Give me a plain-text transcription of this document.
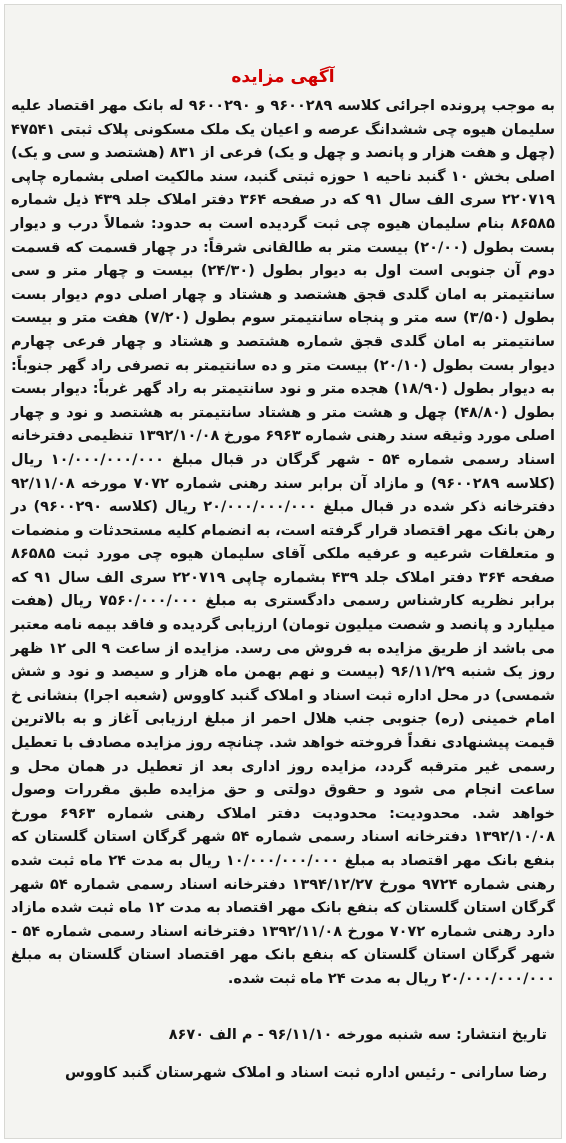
آگهی مزایده
به موجب پرونده اجرائی کلاسه ۹۶۰۰۲۸۹ و ۹۶۰۰۲۹۰ له بانک مهر اقتصاد علیه سلیمان هیوه چی ششدانگ عرصه و اعیان یک ملک مسکونی پلاک ثبتی ۴۷۵۴۱ (چهل و هفت هزار و پانصد و چهل و یک) فرعی از ۸۳۱ (هشتصد و سی و یک) اصلی بخش ۱۰ گنبد ناحیه ۱ حوزه ثبتی گنبد، سند مالکیت اصلی بشماره چاپی ۲۲۰۷۱۹ سری الف سال ۹۱ که در صفحه ۳۶۴ دفتر املاک جلد ۴۳۹ ذیل شماره ۸۶۵۸۵ بنام سلیمان هیوه چی ثبت گردیده است به حدود: شمالاً درب و دیوار بست بطول (۲۰/۰۰) بیست متر به طالقانی شرقاً: در چهار قسمت که قسمت دوم آن جنوبی است اول به دیوار بطول (۲۴/۳۰) بیست و چهار متر و سی سانتیمتر به امان گلدی قجق هشتصد و هشتاد و چهار اصلی دوم دیوار بست بطول (۳/۵۰) سه متر و پنجاه سانتیمتر سوم بطول (۷/۲۰) هفت متر و بیست سانتیمتر به امان گلدی قجق شماره هشتصد و هشتاد و چهار فرعی چهارم دیوار بست بطول (۲۰/۱۰) بیست متر و ده سانتیمتر به تصرفی راد گهر جنوباً: به دیوار بطول (۱۸/۹۰) هجده متر و نود سانتیمتر به راد گهر غرباً: دیوار بست بطول (۴۸/۸۰) چهل و هشت متر و هشتاد سانتیمتر به هشتصد و نود و چهار اصلی مورد وثیقه سند رهنی شماره ۶۹۶۳ مورخ ۱۳۹۲/۱۰/۰۸ تنظیمی دفترخانه اسناد رسمی شماره ۵۴ - شهر گرگان در قبال مبلغ ۱۰/۰۰۰/۰۰۰/۰۰۰ ریال (کلاسه ۹۶۰۰۲۸۹) و مازاد آن برابر سند رهنی شماره ۷۰۷۲ مورخه ۹۲/۱۱/۰۸ دفترخانه ذکر شده در قبال مبلغ ۲۰/۰۰۰/۰۰۰/۰۰۰ ریال (کلاسه ۹۶۰۰۲۹۰) در رهن بانک مهر اقتصاد قرار گرفته است، به انضمام کلیه مستحدثات و منضمات و متعلقات شرعیه و عرفیه ملکی آقای سلیمان هیوه چی مورد ثبت ۸۶۵۸۵ صفحه ۳۶۴ دفتر املاک جلد ۴۳۹ بشماره چاپی ۲۲۰۷۱۹ سری الف سال ۹۱ که برابر نظریه کارشناس رسمی دادگستری به مبلغ ۷۵۶۰/۰۰۰/۰۰۰ ریال (هفت میلیارد و پانصد و شصت میلیون تومان) ارزیابی گردیده و فاقد بیمه نامه معتبر می باشد از طریق مزایده به فروش می رسد. مزایده از ساعت ۹ الی ۱۲ ظهر روز یک شنبه ۹۶/۱۱/۲۹ (بیست و نهم بهمن ماه هزار و سیصد و نود و شش شمسی) در محل اداره ثبت اسناد و املاک گنبد کاووس (شعبه اجرا) بنشانی خ امام خمینی (ره) جنوبی جنب هلال احمر از مبلغ ارزیابی آغاز و به بالاترین قیمت پیشنهادی نقداً فروخته خواهد شد. چنانچه روز مزایده مصادف با تعطیل رسمی غیر مترقبه گردد، مزایده روز اداری بعد از تعطیل در همان محل و ساعت انجام می شود و حقوق دولتی و حق مزایده طبق مقررات وصول خواهد شد. محدودیت: محدودیت دفتر املاک رهنی شماره ۶۹۶۳ مورخ ۱۳۹۲/۱۰/۰۸ دفترخانه اسناد رسمی شماره ۵۴ شهر گرگان استان گلستان که بنفع بانک مهر اقتصاد به مبلغ ۱۰/۰۰۰/۰۰۰/۰۰۰ ریال به مدت ۲۴ ماه ثبت شده رهنی شماره ۹۷۲۴ مورخ ۱۳۹۴/۱۲/۲۷ دفترخانه اسناد رسمی شماره ۵۴ شهر گرگان استان گلستان که بنفع بانک مهر اقتصاد به مدت ۱۲ ماه ثبت شده مازاد دارد رهنی شماره ۷۰۷۲ مورخ ۱۳۹۲/۱۱/۰۸ دفترخانه اسناد رسمی شماره ۵۴ - شهر گرگان استان گلستان که بنفع بانک مهر اقتصاد استان گلستان به مبلغ ۲۰/۰۰۰/۰۰۰/۰۰۰ ریال به مدت ۲۴ ماه ثبت شده.
تاریخ انتشار: سه شنبه مورخه ۹۶/۱۱/۱۰ - م الف ۸۶۷۰
رضا سارانی - رئیس اداره ثبت اسناد و املاک شهرستان گنبد کاووس
